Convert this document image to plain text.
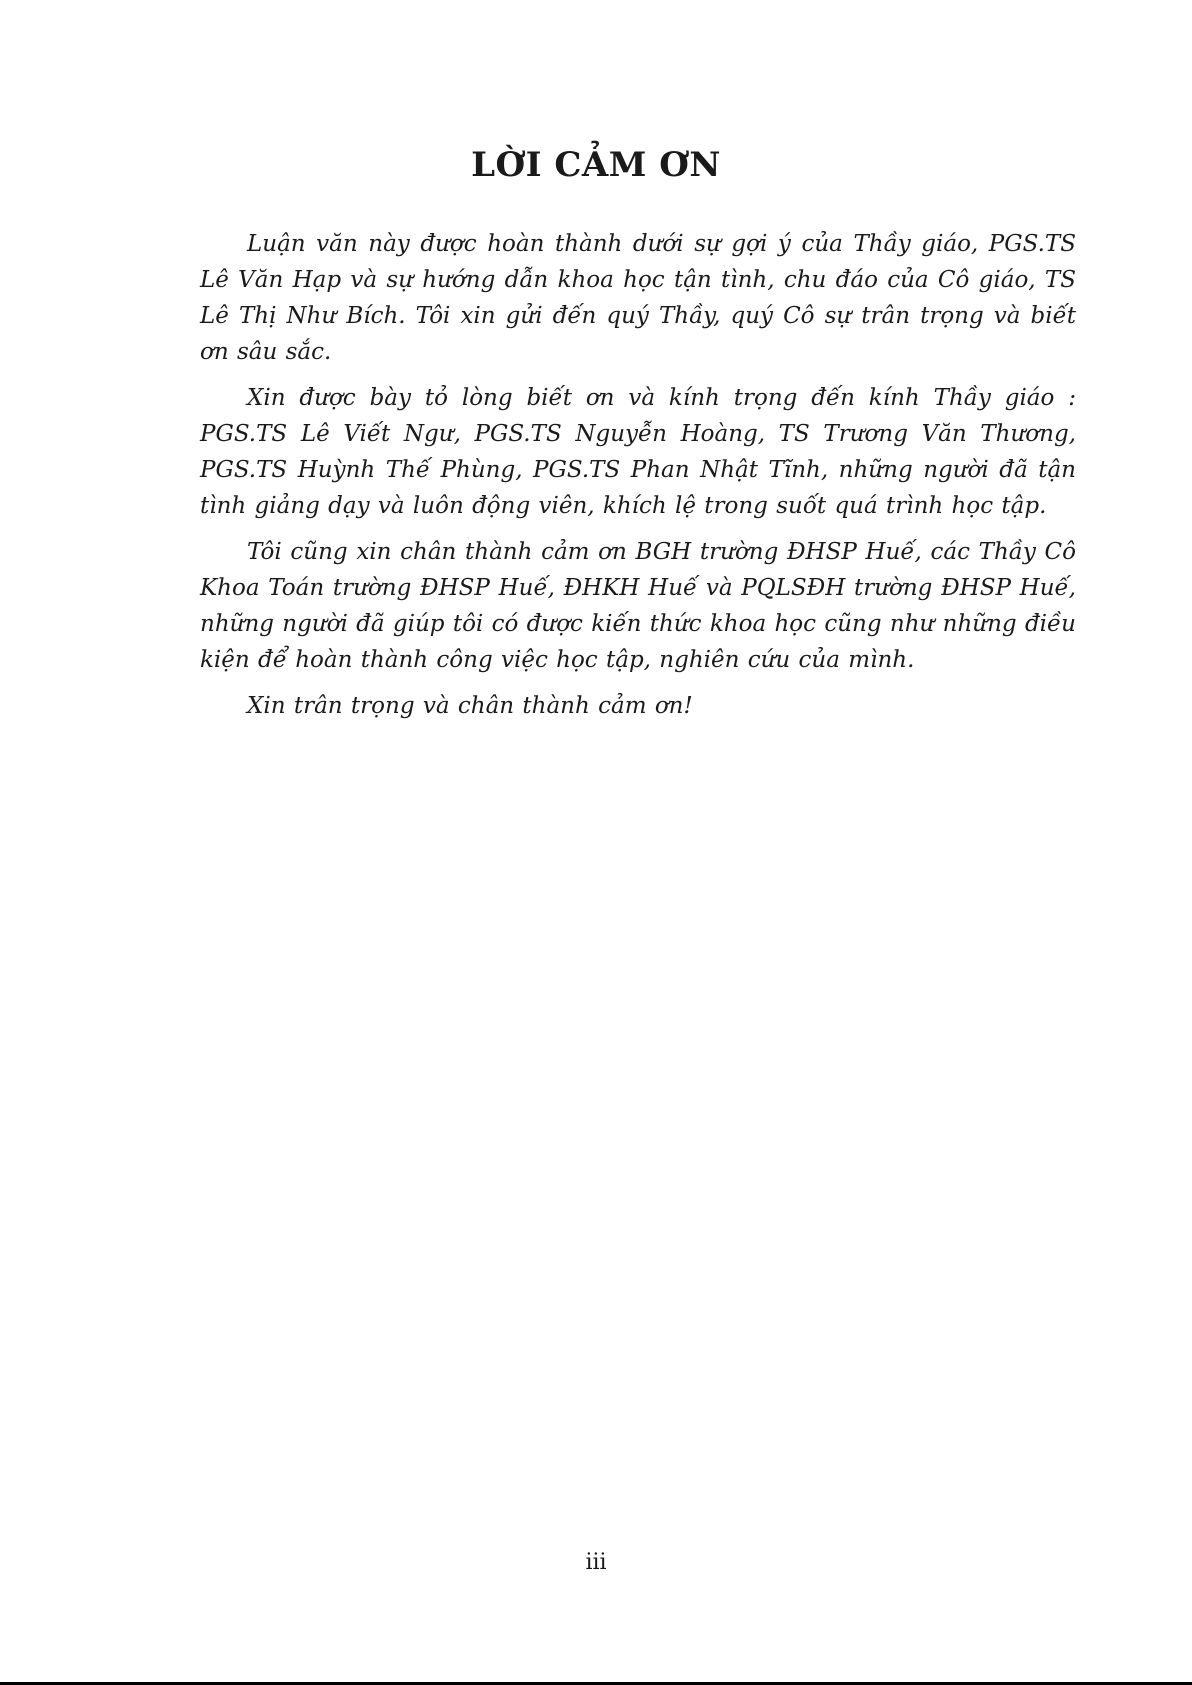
LỜI CẢM ƠN

Luận văn này được hoàn thành dưới sự gợi ý của Thầy giáo, PGS.TS Lê Văn Hạp và sự hướng dẫn khoa học tận tình, chu đáo của Cô giáo, TS Lê Thị Như Bích. Tôi xin gửi đến quý Thầy, quý Cô sự trân trọng và biết ơn sâu sắc.

Xin được bày tỏ lòng biết ơn và kính trọng đến kính Thầy giáo : PGS.TS Lê Viết Ngư, PGS.TS Nguyễn Hoàng, TS Trương Văn Thương, PGS.TS Huỳnh Thế Phùng, PGS.TS Phan Nhật Tĩnh, những người đã tận tình giảng dạy và luôn động viên, khích lệ trong suốt quá trình học tập.

Tôi cũng xin chân thành cảm ơn BGH trường ĐHSP Huế, các Thầy Cô Khoa Toán trường ĐHSP Huế, ĐHKH Huế và PQLSĐH trường ĐHSP Huế, những người đã giúp tôi có được kiến thức khoa học cũng như những điều kiện để hoàn thành công việc học tập, nghiên cứu của mình.

Xin trân trọng và chân thành cảm ơn!

iii
